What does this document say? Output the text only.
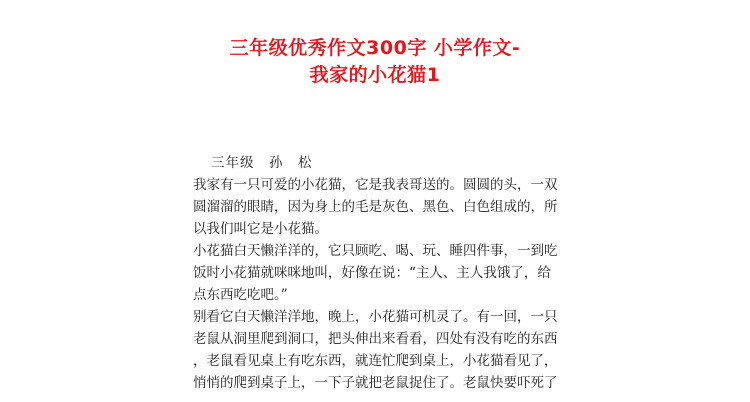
三年级优秀作文300字 小学作文-
我家的小花猫1
三年级　孙　松
我家有一只可爱的小花猫，它是我表哥送的。圆圆的头，一双
圆溜溜的眼睛，因为身上的毛是灰色、黑色、白色组成的，所
以我们叫它是小花猫。
小花猫白天懒洋洋的，它只顾吃、喝、玩、睡四件事，一到吃
饭时小花猫就咪咪地叫，好像在说：“主人、主人我饿了，给
点东西吃吃吧。”
别看它白天懒洋洋地，晚上，小花猫可机灵了。有一回，一只
老鼠从洞里爬到洞口，把头伸出来看看，四处有没有吃的东西
，老鼠看见桌上有吃东西，就连忙爬到桌上，小花猫看见了，
悄悄的爬到桌子上，一下子就把老鼠捉住了。老鼠快要吓死了
